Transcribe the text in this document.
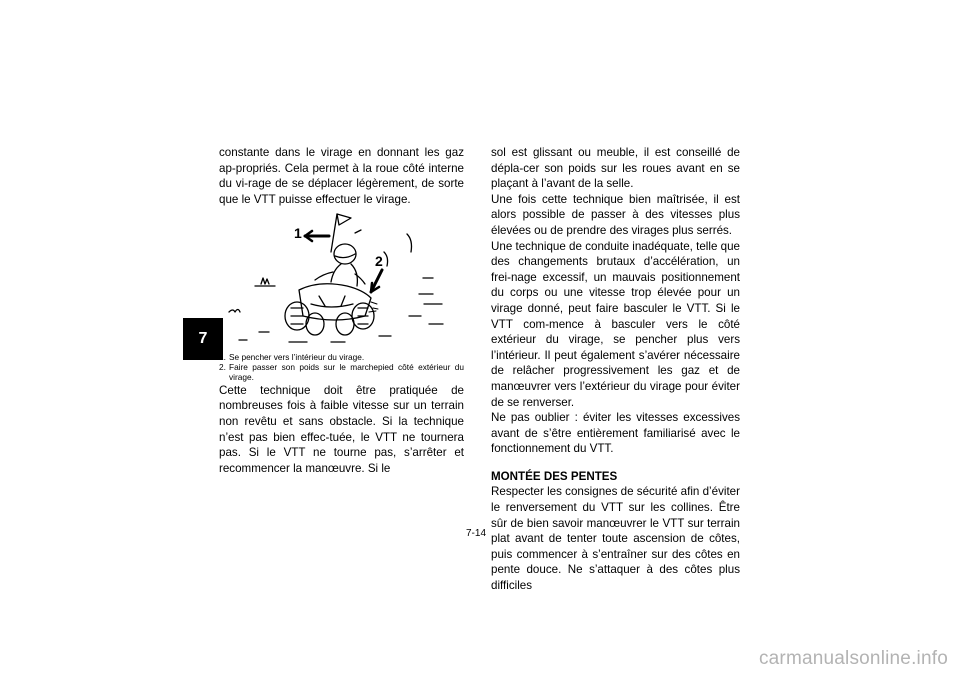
7

constante dans le virage en donnant les gaz ap-propriés. Cela permet à la roue côté interne du vi-rage de se déplacer légèrement, de sorte que le VTT puisse effectuer le virage.

1
2
1. Se pencher vers l’intérieur du virage.
2. Faire passer son poids sur le marchepied côté extérieur du virage.

Cette technique doit être pratiquée de nombreuses fois à faible vitesse sur un terrain non revêtu et sans obstacle. Si la technique n’est pas bien effec-tuée, le VTT ne tournera pas. Si le VTT ne tourne pas, s’arrêter et recommencer la manœuvre. Si le

sol est glissant ou meuble, il est conseillé de dépla-cer son poids sur les roues avant en se plaçant à l’avant de la selle.

Une fois cette technique bien maîtrisée, il est alors possible de passer à des vitesses plus élevées ou de prendre des virages plus serrés.

Une technique de conduite inadéquate, telle que des changements brutaux d’accélération, un frei-nage excessif, un mauvais positionnement du corps ou une vitesse trop élevée pour un virage donné, peut faire basculer le VTT. Si le VTT com-mence à basculer vers le côté extérieur du virage, se pencher plus vers l’intérieur. Il peut également s’avérer nécessaire de relâcher progressivement les gaz et de manœuvrer vers l’extérieur du virage pour éviter de se renverser.

Ne pas oublier : éviter les vitesses excessives avant de s’être entièrement familiarisé avec le fonctionnement du VTT.

MONTÉE DES PENTES

Respecter les consignes de sécurité afin d’éviter le renversement du VTT sur les collines. Être sûr de bien savoir manœuvrer le VTT sur terrain plat avant de tenter toute ascension de côtes, puis commencer à s’entraîner sur des côtes en pente douce. Ne s’attaquer à des côtes plus difficiles

7-14
carmanualsonline.info
